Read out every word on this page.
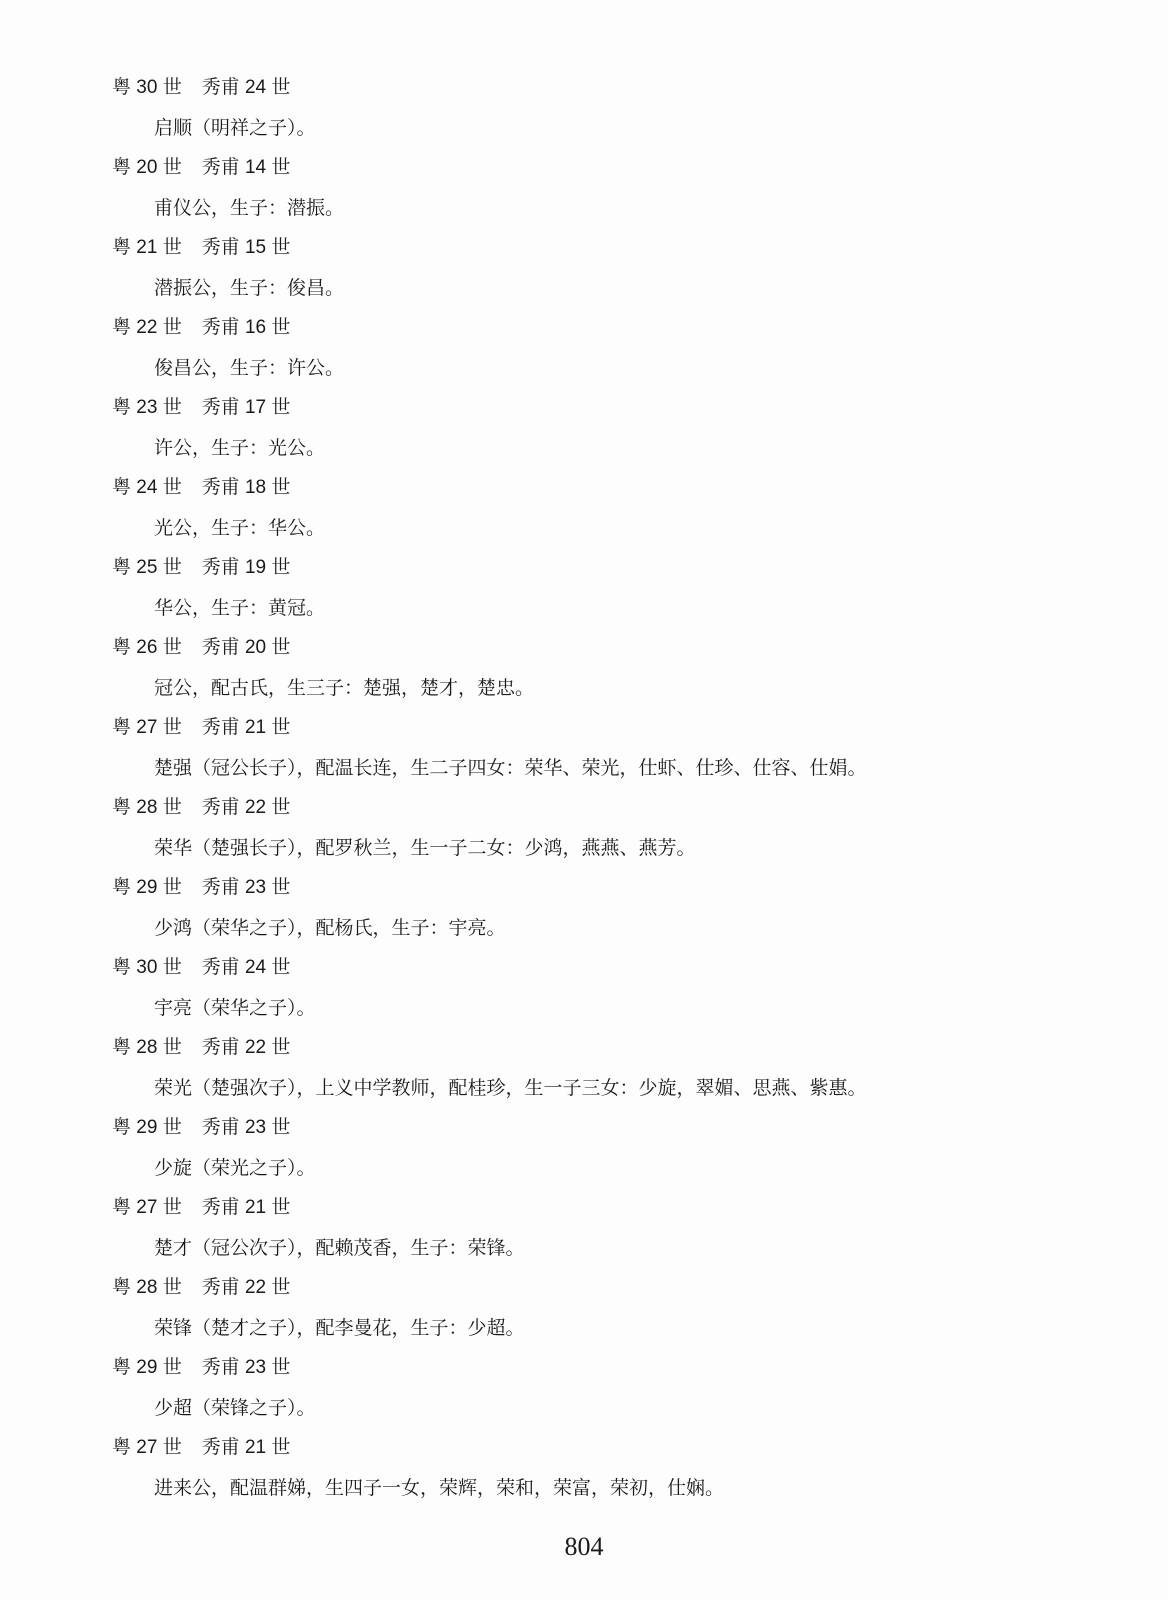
粤 30 世 秀甫 24 世
启顺（明祥之子）。
粤 20 世 秀甫 14 世
甫仪公，生子：潜振。
粤 21 世 秀甫 15 世
潜振公，生子：俊昌。
粤 22 世 秀甫 16 世
俊昌公，生子：许公。
粤 23 世 秀甫 17 世
许公，生子：光公。
粤 24 世 秀甫 18 世
光公，生子：华公。
粤 25 世 秀甫 19 世
华公，生子：黄冠。
粤 26 世 秀甫 20 世
冠公，配古氏，生三子：楚强，楚才，楚忠。
粤 27 世 秀甫 21 世
楚强（冠公长子），配温长连，生二子四女：荣华、荣光，仕虾、仕珍、仕容、仕娟。
粤 28 世 秀甫 22 世
荣华（楚强长子），配罗秋兰，生一子二女：少鸿，燕燕、燕芳。
粤 29 世 秀甫 23 世
少鸿（荣华之子），配杨氏，生子：宇亮。
粤 30 世 秀甫 24 世
宇亮（荣华之子）。
粤 28 世 秀甫 22 世
荣光（楚强次子），上义中学教师，配桂珍，生一子三女：少旋，翠媚、思燕、紫惠。
粤 29 世 秀甫 23 世
少旋（荣光之子）。
粤 27 世 秀甫 21 世
楚才（冠公次子），配赖茂香，生子：荣锋。
粤 28 世 秀甫 22 世
荣锋（楚才之子），配李曼花，生子：少超。
粤 29 世 秀甫 23 世
少超（荣锋之子）。
粤 27 世 秀甫 21 世
进来公，配温群娣，生四子一女，荣辉，荣和，荣富，荣初，仕娴。
804
